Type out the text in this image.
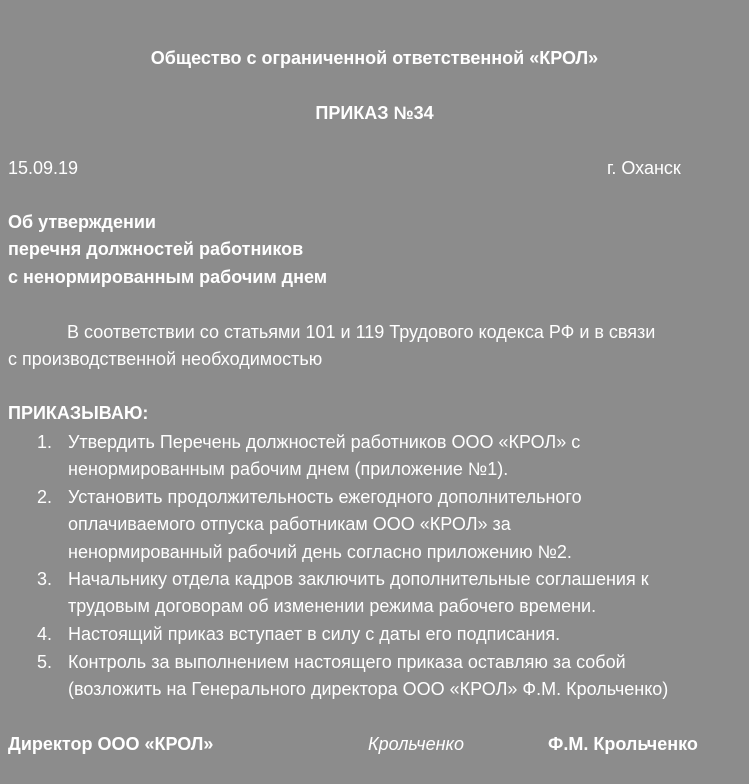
Общество с ограниченной ответственной «КРОЛ»
ПРИКАЗ №34
15.09.19	г. Оханск
Об утверждении
перечня должностей работников
с ненормированным рабочим днем
В соответствии со статьями 101 и 119 Трудового кодекса РФ и в связи
с производственной необходимостью
ПРИКАЗЫВАЮ:
1. Утвердить Перечень должностей работников ООО «КРОЛ» с
ненормированным рабочим днем (приложение №1).
2. Установить продолжительность ежегодного дополнительного
оплачиваемого отпуска работникам ООО «КРОЛ» за
ненормированный рабочий день согласно приложению №2.
3. Начальнику отдела кадров заключить дополнительные соглашения к
трудовым договорам об изменении режима рабочего времени.
4. Настоящий приказ вступает в силу с даты его подписания.
5. Контроль за выполнением настоящего приказа оставляю за собой
(возложить на Генерального директора ООО «КРОЛ» Ф.М. Крольченко)
Директор ООО «КРОЛ»	Крольченко	Ф.М. Крольченко
